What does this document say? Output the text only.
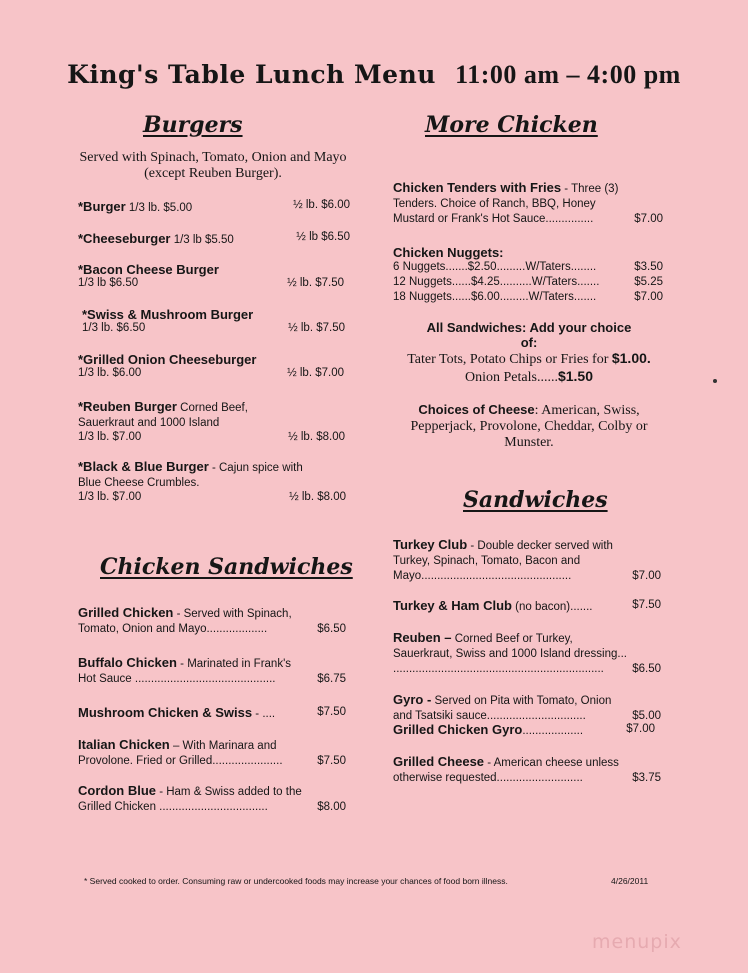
King's Table Lunch Menu 11:00 am – 4:00 pm
Burgers
Served with Spinach, Tomato, Onion and Mayo (except Reuben Burger).
*Burger 1/3 lb. $5.00	½ lb. $6.00
*Cheeseburger 1/3 lb $5.50	½ lb $6.50
*Bacon Cheese Burger
1/3 lb $6.50	½ lb. $7.50
*Swiss & Mushroom Burger
1/3 lb. $6.50	½ lb. $7.50
*Grilled Onion Cheeseburger
1/3 lb. $6.00	½ lb. $7.00
*Reuben Burger Corned Beef,
Sauerkraut and 1000 Island
1/3 lb. $7.00	½ lb. $8.00
*Black & Blue Burger - Cajun spice with
Blue Cheese Crumbles.
1/3 lb. $7.00	½ lb. $8.00
Chicken Sandwiches
Grilled Chicken - Served with Spinach,
Tomato, Onion and Mayo...................	$6.50
Buffalo Chicken - Marinated in Frank's
Hot Sauce ............................................	$6.75
Mushroom Chicken & Swiss - ....	$7.50
Italian Chicken – With Marinara and
Provolone. Fried or Grilled......................	$7.50
Cordon Blue - Ham & Swiss added to the
Grilled Chicken ..................................	$8.00
More Chicken
Chicken Tenders with Fries - Three (3)
Tenders. Choice of Ranch, BBQ, Honey
Mustard or Frank's Hot Sauce...............	$7.00
Chicken Nuggets:
6 Nuggets.......$2.50.........W/Taters........	$3.50
12 Nuggets......$4.25..........W/Taters.......	$5.25
18 Nuggets......$6.00.........W/Taters.......	$7.00
All Sandwiches: Add your choice
of:
Tater Tots, Potato Chips or Fries for $1.00.
Onion Petals......$1.50
Choices of Cheese: American, Swiss,
Pepperjack, Provolone, Cheddar, Colby or
Munster.
Sandwiches
Turkey Club - Double decker served with
Turkey, Spinach, Tomato, Bacon and
Mayo...............................................	$7.00
Turkey & Ham Club (no bacon).......	$7.50
Reuben – Corned Beef or Turkey,
Sauerkraut, Swiss and 1000 Island dressing...
.................................................................. $6.50
Gyro - Served on Pita with Tomato, Onion
and Tsatsiki sauce...............................	$5.00
Grilled Chicken Gyro...................	$7.00
Grilled Cheese - American cheese unless
otherwise requested...........................	$3.75
* Served cooked to order. Consuming raw or undercooked foods may increase your chances of food born illness.	4/26/2011
menupix
